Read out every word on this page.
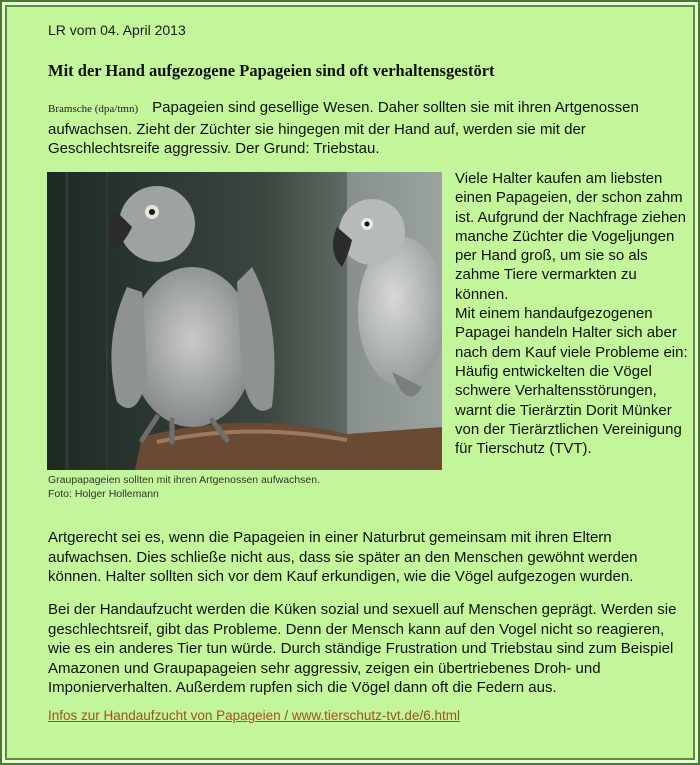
LR vom 04. April 2013
Mit der Hand aufgezogene Papageien sind oft verhaltensgestört
Bramsche (dpa/tmn) Papageien sind gesellige Wesen. Daher sollten sie mit ihren Artgenossen aufwachsen. Zieht der Züchter sie hingegen mit der Hand auf, werden sie mit der Geschlechtsreife aggressiv. Der Grund: Triebstau.
Graupapageien sollten mit ihren Artgenossen aufwachsen.
Foto: Holger Hollemann

Viele Halter kaufen am liebsten einen Papageien, der schon zahm ist. Aufgrund der Nachfrage ziehen manche Züchter die Vogeljungen per Hand groß, um sie so als zahme Tiere vermarkten zu können.

Mit einem handaufgezogenen Papagei handeln Halter sich aber nach dem Kauf viele Probleme ein:

Häufig entwickelten die Vögel schwere Verhaltensstörungen, warnt die Tierärztin Dorit Münker von der Tierärztlichen Vereinigung für Tierschutz (TVT).

Artgerecht sei es, wenn die Papageien in einer Naturbrut gemeinsam mit ihren Eltern aufwachsen. Dies schließe nicht aus, dass sie später an den Menschen gewöhnt werden können. Halter sollten sich vor dem Kauf erkundigen, wie die Vögel aufgezogen wurden.

Bei der Handaufzucht werden die Küken sozial und sexuell auf Menschen geprägt. Werden sie geschlechtsreif, gibt das Probleme. Denn der Mensch kann auf den Vogel nicht so reagieren, wie es ein anderes Tier tun würde. Durch ständige Frustration und Triebstau sind zum Beispiel Amazonen und Graupapageien sehr aggressiv, zeigen ein übertriebenes Droh- und Imponierverhalten. Außerdem rupfen sich die Vögel dann oft die Federn aus.

Infos zur Handaufzucht von Papageien / www.tierschutz-tvt.de/6.html
